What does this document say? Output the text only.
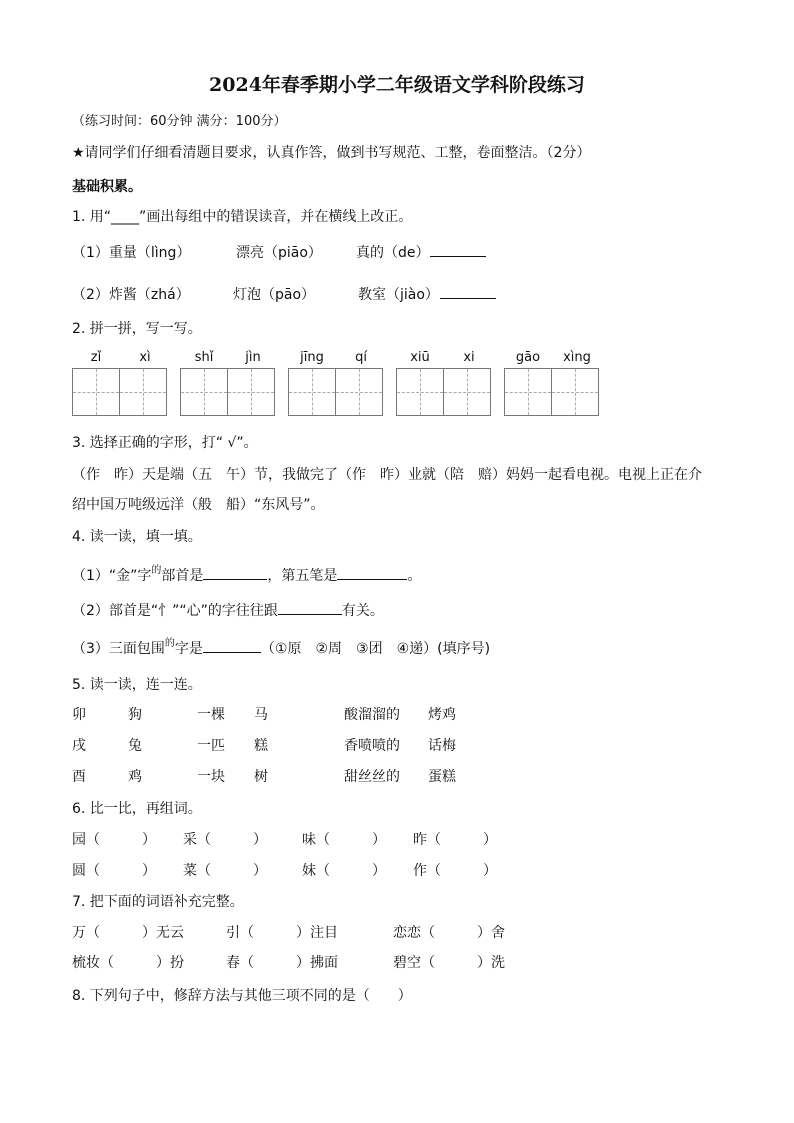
2024年春季期小学二年级语文学科阶段练习
（练习时间：60分钟 满分：100分）
★请同学们仔细看清题目要求，认真作答，做到书写规范、工整，卷面整洁。（2分）
基础积累。
1. 用“____”画出每组中的错误读音，并在横线上改正。
（1）重量（lìng）	漂亮（piāo） 真的（de）
（2）炸酱（zhá）	灯泡（pāo）	教室（jiào）
2. 拼一拼，写一写。
zǐ	xì	shǐ	jìn	jīng	qí	xiū	xi	gāo	xìng
3. 选择正确的字形，打“ √”。
（作　昨）天是端（五　午）节，我做完了（作　昨）业就（陪　赔）妈妈一起看电视。电视上正在介
绍中国万吨级远洋（般　船）“东风号”。
4. 读一读，填一填。
（1）“金”字$^的$部首是	，第五笔是	。
（2）部首是“忄”“心”的字往往跟	有关。
（3）三面包围$^的$字是	（①原　②周　③团　④递）(填序号)
5. 读一读，连一连。
卯	狗	一棵 马	酸溜溜的 烤鸡
戌	兔	一匹 糕	香喷喷的 话梅
酉	鸡	一块 树	甜丝丝的 蛋糕
6. 比一比，再组词。
园（	） 采（	）	味（	） 昨（	）
圆（	） 菜（	）	妹（	） 作（	）
7. 把下面的词语补充完整。
万（	）无云	引（	）注目	恋恋（	）舍
梳妆（	）扮	春（	）拂面	碧空（	）洗
8. 下列句子中，修辞方法与其他三项不同的是（　　）
